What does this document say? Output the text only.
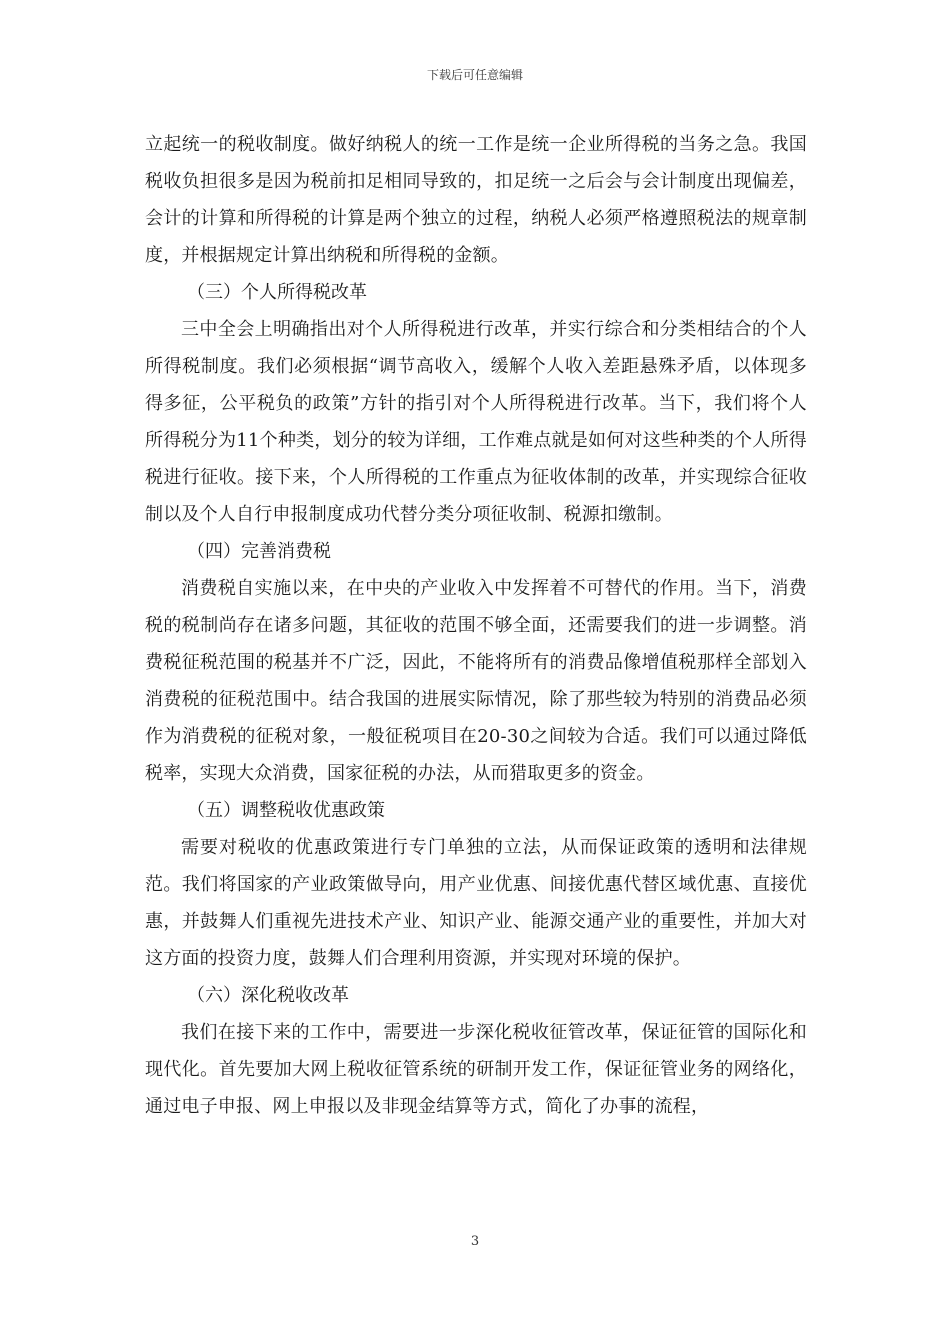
下载后可任意编辑

立起统一的税收制度。做好纳税人的统一工作是统一企业所得税的当务之急。我国税收负担很多是因为税前扣足相同导致的，扣足统一之后会与会计制度出现偏差，会计的计算和所得税的计算是两个独立的过程，纳税人必须严格遵照税法的规章制度，并根据规定计算出纳税和所得税的金额。

（三）个人所得税改革

三中全会上明确指出对个人所得税进行改革，并实行综合和分类相结合的个人所得税制度。我们必须根据“调节高收入，缓解个人收入差距悬殊矛盾，以体现多得多征，公平税负的政策”方针的指引对个人所得税进行改革。当下，我们将个人所得税分为11个种类，划分的较为详细，工作难点就是如何对这些种类的个人所得税进行征收。接下来，个人所得税的工作重点为征收体制的改革，并实现综合征收制以及个人自行申报制度成功代替分类分项征收制、税源扣缴制。

（四）完善消费税

消费税自实施以来，在中央的产业收入中发挥着不可替代的作用。当下，消费税的税制尚存在诸多问题，其征收的范围不够全面，还需要我们的进一步调整。消费税征税范围的税基并不广泛，因此，不能将所有的消费品像增值税那样全部划入消费税的征税范围中。结合我国的进展实际情况，除了那些较为特别的消费品必须作为消费税的征税对象，一般征税项目在20-30之间较为合适。我们可以通过降低税率，实现大众消费，国家征税的办法，从而猎取更多的资金。

（五）调整税收优惠政策

需要对税收的优惠政策进行专门单独的立法，从而保证政策的透明和法律规范。我们将国家的产业政策做导向，用产业优惠、间接优惠代替区域优惠、直接优惠，并鼓舞人们重视先进技术产业、知识产业、能源交通产业的重要性，并加大对这方面的投资力度，鼓舞人们合理利用资源，并实现对环境的保护。

（六）深化税收改革

我们在接下来的工作中，需要进一步深化税收征管改革，保证征管的国际化和现代化。首先要加大网上税收征管系统的研制开发工作，保证征管业务的网络化，通过电子申报、网上申报以及非现金结算等方式，简化了办事的流程，

3
